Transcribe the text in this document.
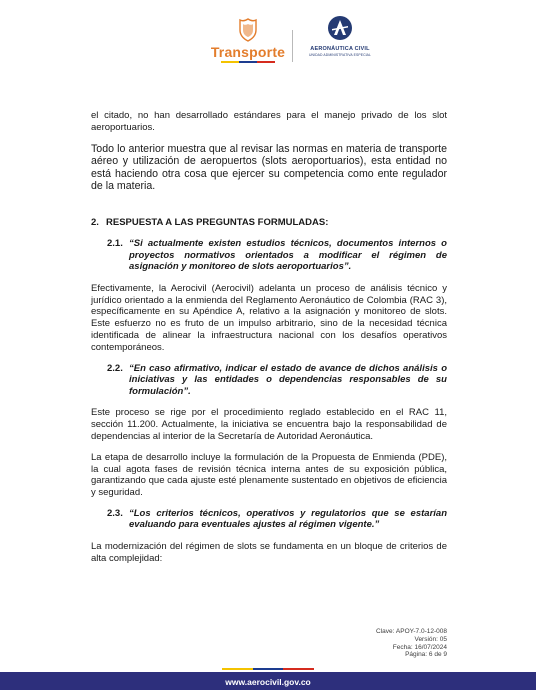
Transporte	AERONÁUTICA CIVIL
UNIDAD ADMINISTRATIVA ESPECIAL

el citado, no han desarrollado estándares para el manejo privado de los slot aeroportuarios.

Todo lo anterior muestra que al revisar las normas en materia de transporte aéreo y utilización de aeropuertos (slots aeroportuarios), esta entidad no está haciendo otra cosa que ejercer su competencia como ente regulador de la materia.

2. RESPUESTA A LAS PREGUNTAS FORMULADAS:
2.1. “Si actualmente existen estudios técnicos, documentos internos o proyectos normativos orientados a modificar el régimen de asignación y monitoreo de slots aeroportuarios”.

Efectivamente, la Aerocivil (Aerocivil) adelanta un proceso de análisis técnico y jurídico orientado a la enmienda del Reglamento Aeronáutico de Colombia (RAC 3), específicamente en su Apéndice A, relativo a la asignación y monitoreo de slots. Este esfuerzo no es fruto de un impulso arbitrario, sino de la necesidad técnica identificada de alinear la infraestructura nacional con los desafíos operativos contemporáneos.

2.2. “En caso afirmativo, indicar el estado de avance de dichos análisis o iniciativas y las entidades o dependencias responsables de su formulación”.

Este proceso se rige por el procedimiento reglado establecido en el RAC 11, sección 11.200. Actualmente, la iniciativa se encuentra bajo la responsabilidad de dependencias al interior de la Secretaría de Autoridad Aeronáutica.

La etapa de desarrollo incluye la formulación de la Propuesta de Enmienda (PDE), la cual agota fases de revisión técnica interna antes de su exposición pública, garantizando que cada ajuste esté plenamente sustentado en objetivos de eficiencia y seguridad.

2.3. “Los criterios técnicos, operativos y regulatorios que se estarían evaluando para eventuales ajustes al régimen vigente.”

La modernización del régimen de slots se fundamenta en un bloque de criterios de alta complejidad:

Clave: APOY-7.0-12-008
Versión: 05
Fecha: 16/07/2024
Página: 6 de 9
www.aerocivil.gov.co
